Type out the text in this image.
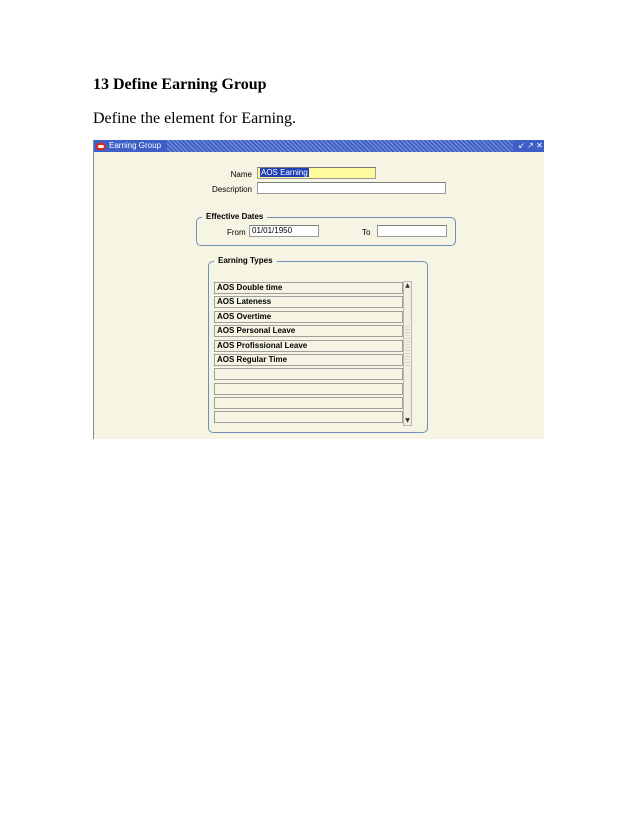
13 Define Earning Group
Define the element for Earning.
Earning Group	↙ ↗ ✕
Name	AOS Earning
Description
Effective Dates
From 01/01/1950	To
Earning Types
AOS Double time
AOS Lateness
AOS Overtime
AOS Personal Leave
AOS Profissional Leave
AOS Regular Time
▲
▼
